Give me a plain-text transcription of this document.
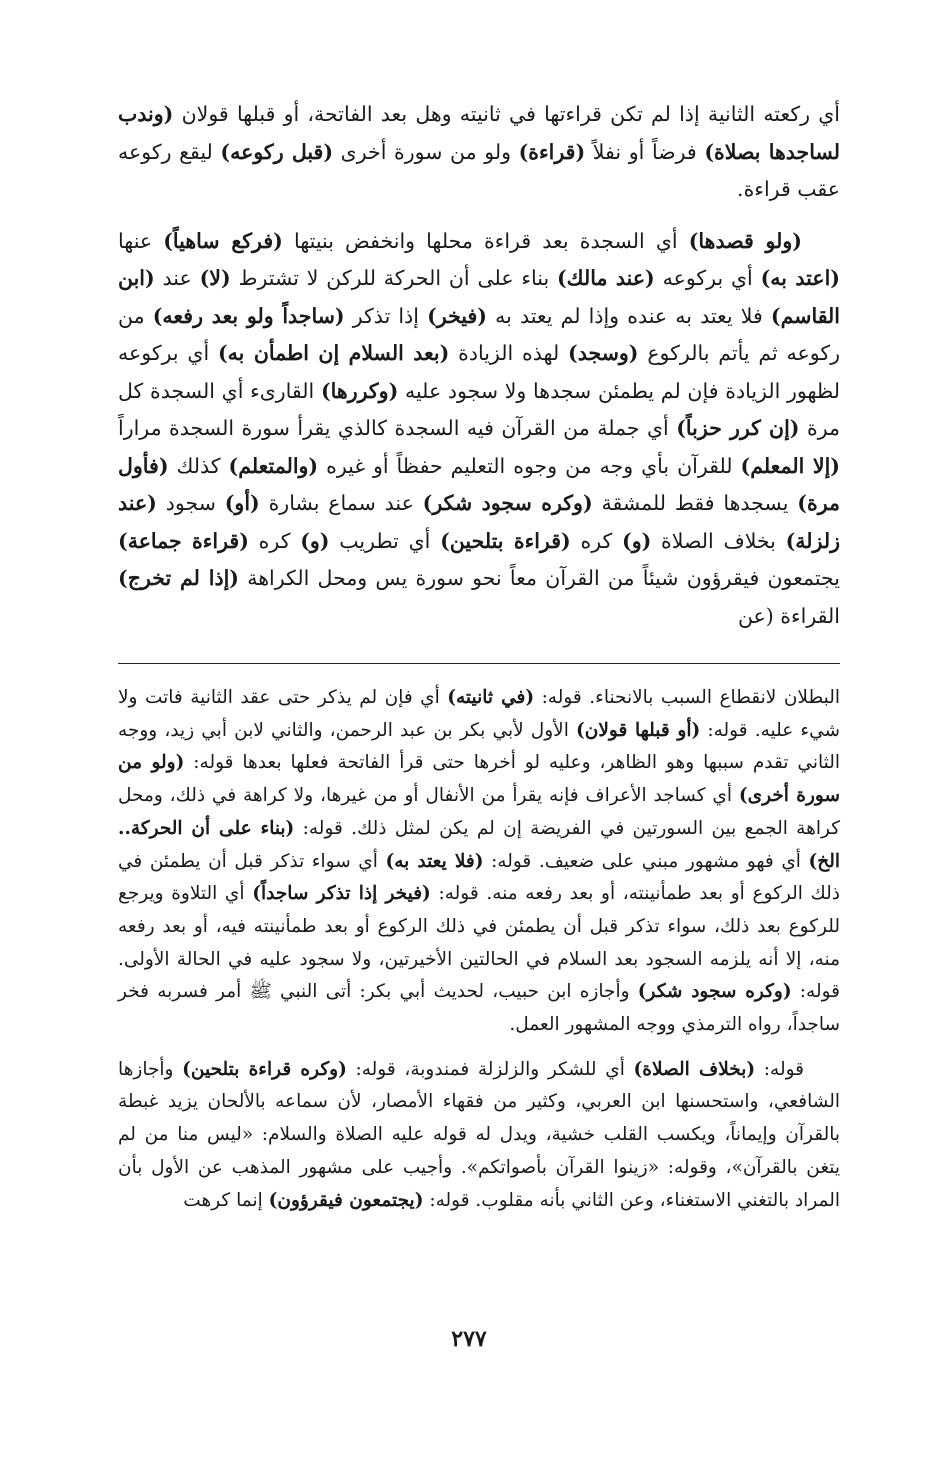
أي ركعته الثانية إذا لم تكن قراءتها في ثانيته وهل بعد الفاتحة، أو قبلها قولان (وندب لساجدها بصلاة) فرضاً أو نفلاً (قراءة) ولو من سورة أخرى (قبل ركوعه) ليقع ركوعه عقب قراءة.

(ولو قصدها) أي السجدة بعد قراءة محلها وانخفض بنيتها (فركع ساهياً) عنها (اعتد به) أي بركوعه (عند مالك) بناء على أن الحركة للركن لا تشترط (لا) عند (ابن القاسم) فلا يعتد به عنده وإذا لم يعتد به (فيخر) إذا تذكر (ساجداً ولو بعد رفعه) من ركوعه ثم يأتم بالركوع (وسجد) لهذه الزيادة (بعد السلام إن اطمأن به) أي بركوعه لظهور الزيادة فإن لم يطمئن سجدها ولا سجود عليه (وكررها) القارىء أي السجدة كل مرة (إن كرر حزباً) أي جملة من القرآن فيه السجدة كالذي يقرأ سورة السجدة مراراً (إلا المعلم) للقرآن بأي وجه من وجوه التعليم حفظاً أو غيره (والمتعلم) كذلك (فأول مرة) يسجدها فقط للمشقة (وكره سجود شكر) عند سماع بشارة (أو) سجود (عند زلزلة) بخلاف الصلاة (و) كره (قراءة بتلحين) أي تطريب (و) كره (قراءة جماعة) يجتمعون فيقرؤون شيئاً من القرآن معاً نحو سورة يس ومحل الكراهة (إذا لم تخرج) القراءة (عن

البطلان لانقطاع السبب بالانحناء. قوله: (في ثانيته) أي فإن لم يذكر حتى عقد الثانية فاتت ولا شيء عليه. قوله: (أو قبلها قولان) الأول لأبي بكر بن عبد الرحمن، والثاني لابن أبي زيد، ووجه الثاني تقدم سببها وهو الظاهر، وعليه لو أخرها حتى قرأ الفاتحة فعلها بعدها قوله: (ولو من سورة أخرى) أي كساجد الأعراف فإنه يقرأ من الأنفال أو من غيرها، ولا كراهة في ذلك، ومحل كراهة الجمع بين السورتين في الفريضة إن لم يكن لمثل ذلك. قوله: (بناء على أن الحركة.. الخ) أي فهو مشهور مبني على ضعيف. قوله: (فلا يعتد به) أي سواء تذكر قبل أن يطمئن في ذلك الركوع أو بعد طمأنينته، أو بعد رفعه منه. قوله: (فيخر إذا تذكر ساجداً) أي التلاوة ويرجع للركوع بعد ذلك، سواء تذكر قبل أن يطمئن في ذلك الركوع أو بعد طمأنينته فيه، أو بعد رفعه منه، إلا أنه يلزمه السجود بعد السلام في الحالتين الأخيرتين، ولا سجود عليه في الحالة الأولى. قوله: (وكره سجود شكر) وأجازه ابن حبيب، لحديث أبي بكر: أتى النبي ﷺ أمر فسربه فخر ساجداً، رواه الترمذي ووجه المشهور العمل.

قوله: (بخلاف الصلاة) أي للشكر والزلزلة فمندوبة، قوله: (وكره قراءة بتلحين) وأجازها الشافعي، واستحسنها ابن العربي، وكثير من فقهاء الأمصار، لأن سماعه بالألحان يزيد غبطة بالقرآن وإيماناً، ويكسب القلب خشية، ويدل له قوله عليه الصلاة والسلام: «ليس منا من لم يتغن بالقرآن»، وقوله: «زينوا القرآن بأصواتكم». وأجيب على مشهور المذهب عن الأول بأن المراد بالتغني الاستغناء، وعن الثاني بأنه مقلوب. قوله: (يجتمعون فيقرؤون) إنما كرهت

٢٧٧
